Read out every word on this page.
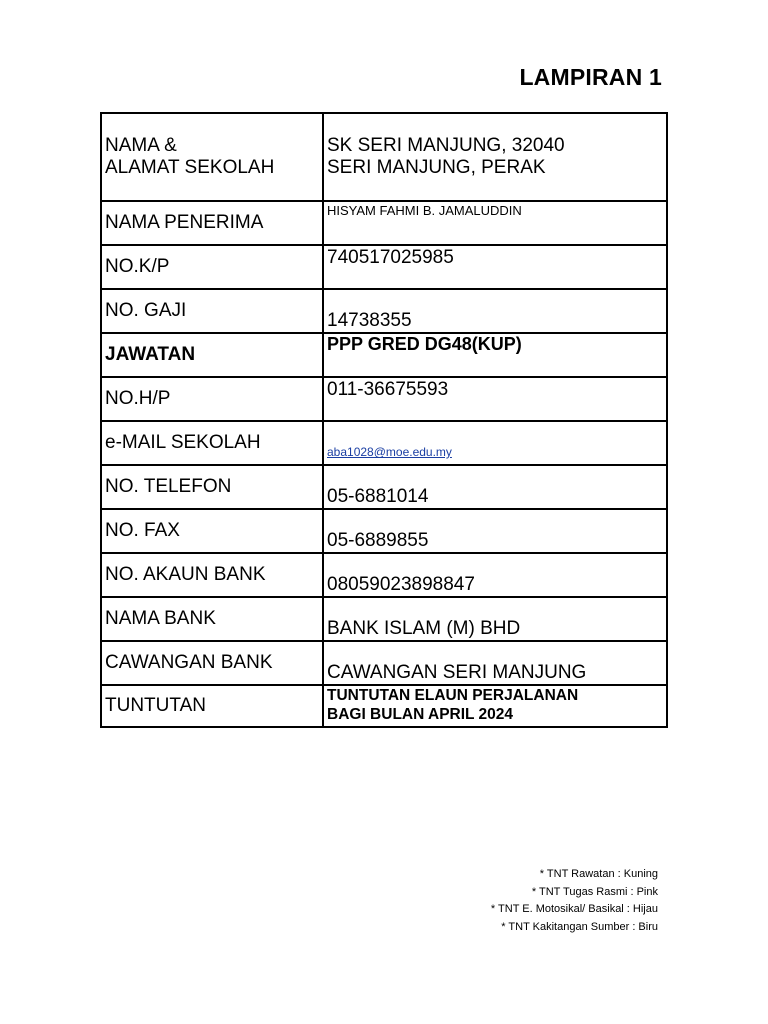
LAMPIRAN 1
NAMA &
ALAMAT SEKOLAH	SK SERI MANJUNG, 32040
SERI MANJUNG, PERAK

NAMA PENERIMA	HISYAM FAHMI B. JAMALUDDIN

NO.K/P	740517025985

NO. GAJI	14738355

JAWATAN	PPP GRED DG48(KUP)

NO.H/P	011-36675593

e-MAIL SEKOLAH	aba1028@moe.edu.my

NO. TELEFON	05-6881014

NO. FAX	05-6889855

NO. AKAUN BANK	08059023898847

NAMA BANK	BANK ISLAM (M) BHD

CAWANGAN BANK	CAWANGAN SERI MANJUNG

TUNTUTAN	TUNTUTAN ELAUN PERJALANAN
BAGI BULAN APRIL 2024
* TNT Rawatan : Kuning
* TNT Tugas Rasmi : Pink
* TNT E. Motosikal/ Basikal : Hijau
* TNT Kakitangan Sumber : Biru
